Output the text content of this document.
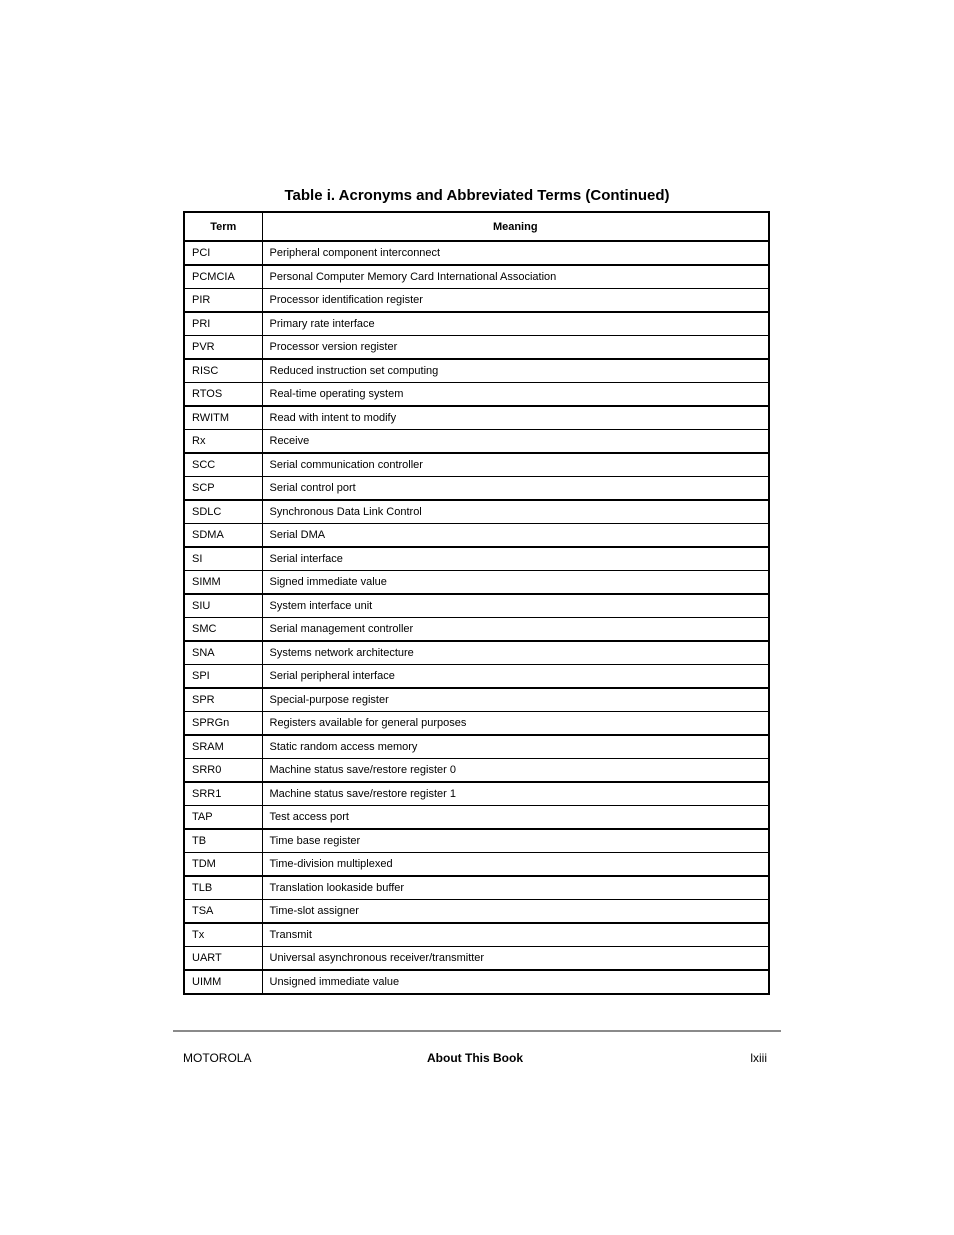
Table i. Acronyms and Abbreviated Terms (Continued)
Term	Meaning
PCI	Peripheral component interconnect
PCMCIA	Personal Computer Memory Card International Association
PIR	Processor identification register
PRI	Primary rate interface
PVR	Processor version register
RISC	Reduced instruction set computing
RTOS	Real-time operating system
RWITM	Read with intent to modify
Rx	Receive
SCC	Serial communication controller
SCP	Serial control port
SDLC	Synchronous Data Link Control
SDMA	Serial DMA
SI	Serial interface
SIMM	Signed immediate value
SIU	System interface unit
SMC	Serial management controller
SNA	Systems network architecture
SPI	Serial peripheral interface
SPR	Special-purpose register
SPRGn	Registers available for general purposes
SRAM	Static random access memory
SRR0	Machine status save/restore register 0
SRR1	Machine status save/restore register 1
TAP	Test access port
TB	Time base register
TDM	Time-division multiplexed
TLB	Translation lookaside buffer
TSA	Time-slot assigner
Tx	Transmit
UART	Universal asynchronous receiver/transmitter
UIMM	Unsigned immediate value
MOTOROLA	About This Book	lxiii
